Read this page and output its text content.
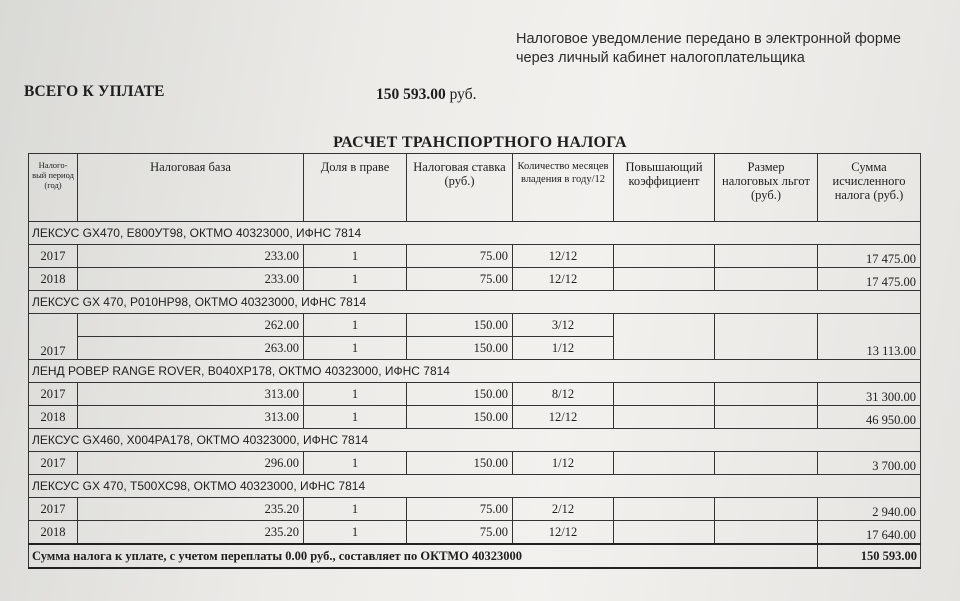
Налоговое уведомление передано в электронной форме
через личный кабинет налогоплательщика
ВСЕГО К УПЛАТЕ	150 593.00 руб.
РАСЧЕТ ТРАНСПОРТНОГО НАЛОГА
Налого-вый период (год)	Налоговая база	Доля в праве	Налоговая ставка (руб.)	Количество месяцев владения в году/12	Повышающий коэффициент	Размер налоговых льгот (руб.)	Сумма исчисленного налога (руб.)
ЛЕКСУС GX470, Е800УТ98, ОКТМО 40323000, ИФНС 7814							
2017	233.00	1	75.00	12/12			17 475.00
2018	233.00	1	75.00	12/12			17 475.00
ЛЕКСУС GX 470, Р010НР98, ОКТМО 40323000, ИФНС 7814							
2017	262.00	1	150.00	3/12			13 113.00
	263.00	1	150.00	1/12			
ЛЕНД РОВЕР RANGE ROVER, В040ХР178, ОКТМО 40323000, ИФНС 7814							
2017	313.00	1	150.00	8/12			31 300.00
2018	313.00	1	150.00	12/12			46 950.00
ЛЕКСУС GX460, Х004РА178, ОКТМО 40323000, ИФНС 7814							
2017	296.00	1	150.00	1/12			3 700.00
ЛЕКСУС GX 470, Т500ХС98, ОКТМО 40323000, ИФНС 7814							
2017	235.20	1	75.00	2/12			2 940.00
2018	235.20	1	75.00	12/12			17 640.00
Сумма налога к уплате, с учетом переплаты 0.00 руб., составляет по ОКТМО 40323000							150 593.00
